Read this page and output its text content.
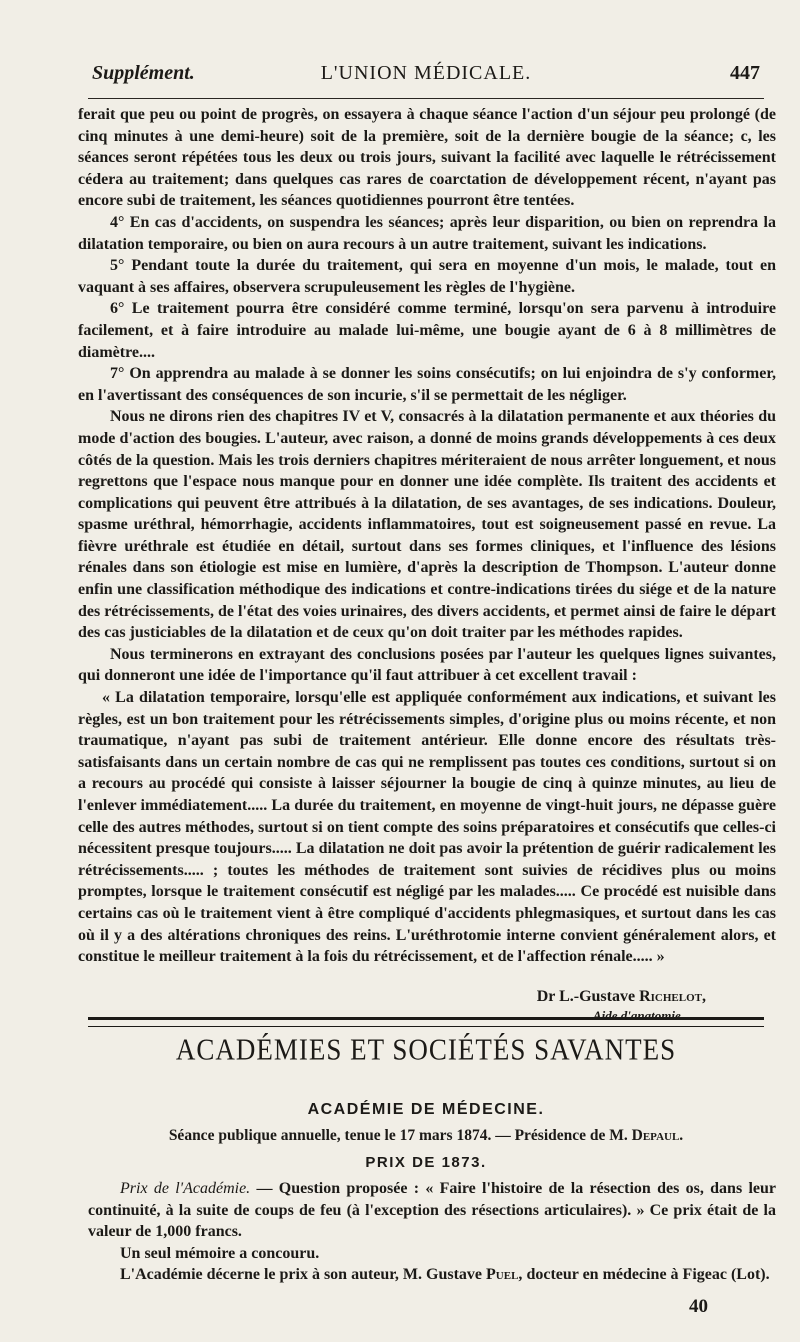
Supplément.	L'UNION MÉDICALE.	447

ferait que peu ou point de progrès, on essayera à chaque séance l'action d'un séjour peu prolongé (de cinq minutes à une demi-heure) soit de la première, soit de la dernière bougie de la séance; c, les séances seront répétées tous les deux ou trois jours, suivant la facilité avec laquelle le rétrécissement cédera au traitement; dans quelques cas rares de coarctation de développement récent, n'ayant pas encore subi de traitement, les séances quotidiennes pourront être tentées.

4° En cas d'accidents, on suspendra les séances; après leur disparition, ou bien on reprendra la dilatation temporaire, ou bien on aura recours à un autre traitement, suivant les indications.

5° Pendant toute la durée du traitement, qui sera en moyenne d'un mois, le malade, tout en vaquant à ses affaires, observera scrupuleusement les règles de l'hygiène.

6° Le traitement pourra être considéré comme terminé, lorsqu'on sera parvenu à introduire facilement, et à faire introduire au malade lui-même, une bougie ayant de 6 à 8 millimètres de diamètre....

7° On apprendra au malade à se donner les soins consécutifs; on lui enjoindra de s'y conformer, en l'avertissant des conséquences de son incurie, s'il se permettait de les négliger.

Nous ne dirons rien des chapitres IV et V, consacrés à la dilatation permanente et aux théories du mode d'action des bougies. L'auteur, avec raison, a donné de moins grands développements à ces deux côtés de la question. Mais les trois derniers chapitres mériteraient de nous arrêter longuement, et nous regrettons que l'espace nous manque pour en donner une idée complète. Ils traitent des accidents et complications qui peuvent être attribués à la dilatation, de ses avantages, de ses indications. Douleur, spasme uréthral, hémorrhagie, accidents inflammatoires, tout est soigneusement passé en revue. La fièvre uréthrale est étudiée en détail, surtout dans ses formes cliniques, et l'influence des lésions rénales dans son étiologie est mise en lumière, d'après la description de Thompson. L'auteur donne enfin une classification méthodique des indications et contre-indications tirées du siége et de la nature des rétrécissements, de l'état des voies urinaires, des divers accidents, et permet ainsi de faire le départ des cas justiciables de la dilatation et de ceux qu'on doit traiter par les méthodes rapides.

Nous terminerons en extrayant des conclusions posées par l'auteur les quelques lignes suivantes, qui donneront une idée de l'importance qu'il faut attribuer à cet excellent travail :

« La dilatation temporaire, lorsqu'elle est appliquée conformément aux indications, et suivant les règles, est un bon traitement pour les rétrécissements simples, d'origine plus ou moins récente, et non traumatique, n'ayant pas subi de traitement antérieur. Elle donne encore des résultats très-satisfaisants dans un certain nombre de cas qui ne remplissent pas toutes ces conditions, surtout si on a recours au procédé qui consiste à laisser séjourner la bougie de cinq à quinze minutes, au lieu de l'enlever immédiatement..... La durée du traitement, en moyenne de vingt-huit jours, ne dépasse guère celle des autres méthodes, surtout si on tient compte des soins préparatoires et consécutifs que celles-ci nécessitent presque toujours..... La dilatation ne doit pas avoir la prétention de guérir radicalement les rétrécissements..... ; toutes les méthodes de traitement sont suivies de récidives plus ou moins promptes, lorsque le traitement consécutif est négligé par les malades..... Ce procédé est nuisible dans certains cas où le traitement vient à être compliqué d'accidents phlegmasiques, et surtout dans les cas où il y a des altérations chroniques des reins. L'uréthrotomie interne convient généralement alors, et constitue le meilleur traitement à la fois du rétrécissement, et de l'affection rénale..... »

Dr L.-Gustave Richelot,
Aide d'anatomie.
ACADÉMIES ET SOCIÉTÉS SAVANTES
ACADÉMIE DE MÉDECINE.
Séance publique annuelle, tenue le 17 mars 1874. — Présidence de M. Depaul.
PRIX DE 1873.

Prix de l'Académie. — Question proposée : « Faire l'histoire de la résection des os, dans leur continuité, à la suite de coups de feu (à l'exception des résections articulaires). » Ce prix était de la valeur de 1,000 francs.

Un seul mémoire a concouru.

L'Académie décerne le prix à son auteur, M. Gustave Puel, docteur en médecine à Figeac (Lot).

40
